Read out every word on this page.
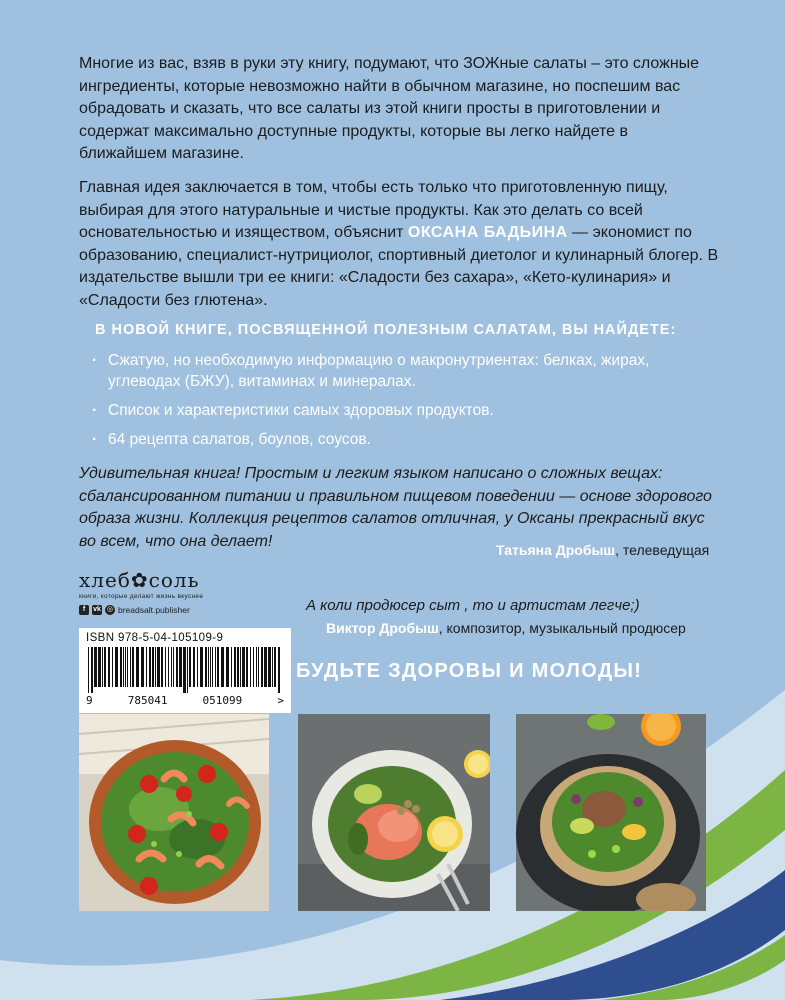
Многие из вас, взяв в руки эту книгу, подумают, что ЗОЖные салаты – это сложные ингредиенты, которые невозможно найти в обычном магазине, но поспешим вас обрадовать и сказать, что все салаты из этой книги просты в приготовлении и содержат максимально доступные продукты, которые вы легко найдете в ближайшем магазине.

Главная идея заключается в том, чтобы есть только что приготовленную пищу, выбирая для этого натуральные и чистые продукты. Как это делать со всей основательностью и изяществом, объяснит ОКСАНА БАДЬИНА — экономист по образованию, специалист-нутрициолог, спортивный диетолог и кулинарный блогер. В издательстве вышли три ее книги: «Сладости без сахара», «Кето-кулинария» и «Сладости без глютена».

В НОВОЙ КНИГЕ, ПОСВЯЩЕННОЙ ПОЛЕЗНЫМ САЛАТАМ, ВЫ НАЙДЕТЕ:
· Сжатую, но необходимую информацию о макронутриентах: белках, жирах, углеводах (БЖУ), витаминах и минералах.
· Список и характеристики самых здоровых продуктов.
· 64 рецепта салатов, боулов, соусов.

Удивительная книга! Простым и легким языком написано о сложных вещах: сбалансированном питании и правильном пищевом поведении — основе здорового образа жизни. Коллекция рецептов салатов отличная, у Оксаны прекрасный вкус во всем, что она делает!

Татьяна Дробыш, телеведущая
А коли продюсер сыт , то и артистам легче;)
Виктор Дробыш, композитор, музыкальный продюсер
БУДЬТЕ ЗДОРОВЫ И МОЛОДЫ!
хлеб✿соль
книги, которые делают жизнь вкуснее
f	vk ◎ breadsalt.publisher
ISBN 978-5-04-105109-9
9	785041	051099	>
